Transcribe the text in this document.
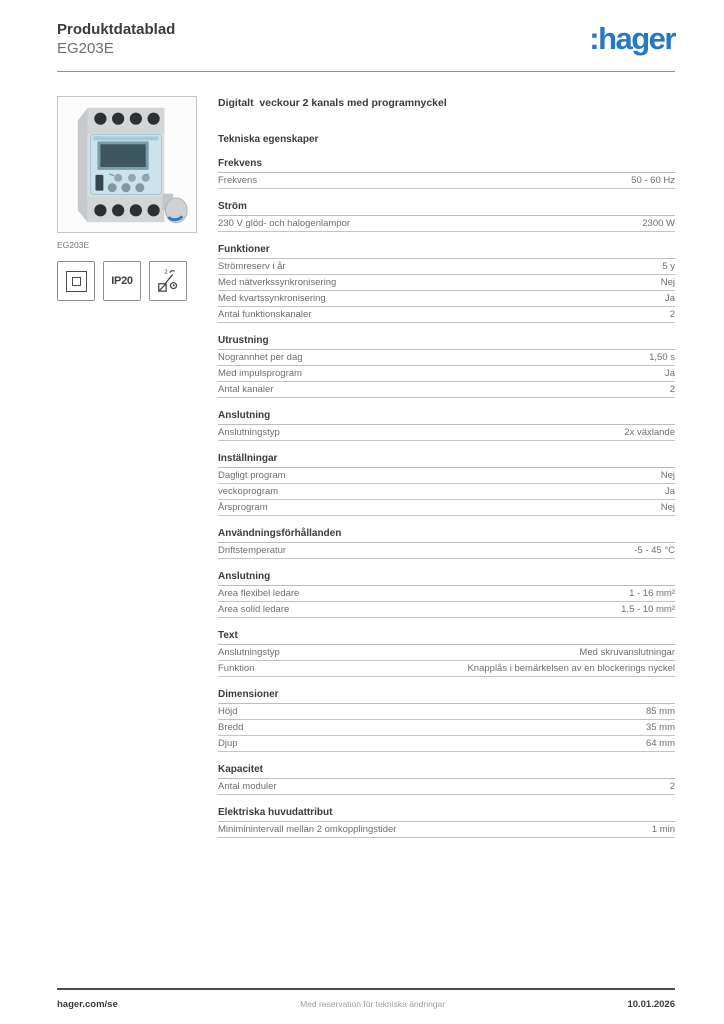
Produktdatablad
EG203E	:hager
EG203E
IP20
2
Digitalt  veckour 2 kanals med programnyckel
Tekniska egenskaper
Frekvens
Frekvens	50 - 60 Hz
Ström
230 V glöd- och halogenlampor	2300 W
Funktioner
Strömreserv i år	5 y
Med nätverkssynkronisering	Nej
Med kvartssynkronisering	Ja
Antal funktionskanaler	2
Utrustning
Nogrannhet per dag	1,50 s
Med impulsprogram	Ja
Antal kanaler	2
Anslutning
Anslutningstyp	2x växlande
Inställningar
Dagligt program	Nej
veckoprogram	Ja
Årsprogram	Nej
Användningsförhållanden
Driftstemperatur	-5 - 45 °C
Anslutning
Area flexibel ledare	1 - 16 mm²
Area solid ledare	1.5 - 10 mm²
Text
Anslutningstyp	Med skruvanslutningar
Funktion	Knapplås i bemärkelsen av en blockerings nyckel
Dimensioner
Höjd	85 mm
Bredd	35 mm
Djup	64 mm
Kapacitet
Antal moduler	2
Elektriska huvudattribut
Miniminintervall mellan 2 omkopplingstider	1 min
hager.com/se	Med reservation för tekniska ändringar	10.01.2026
